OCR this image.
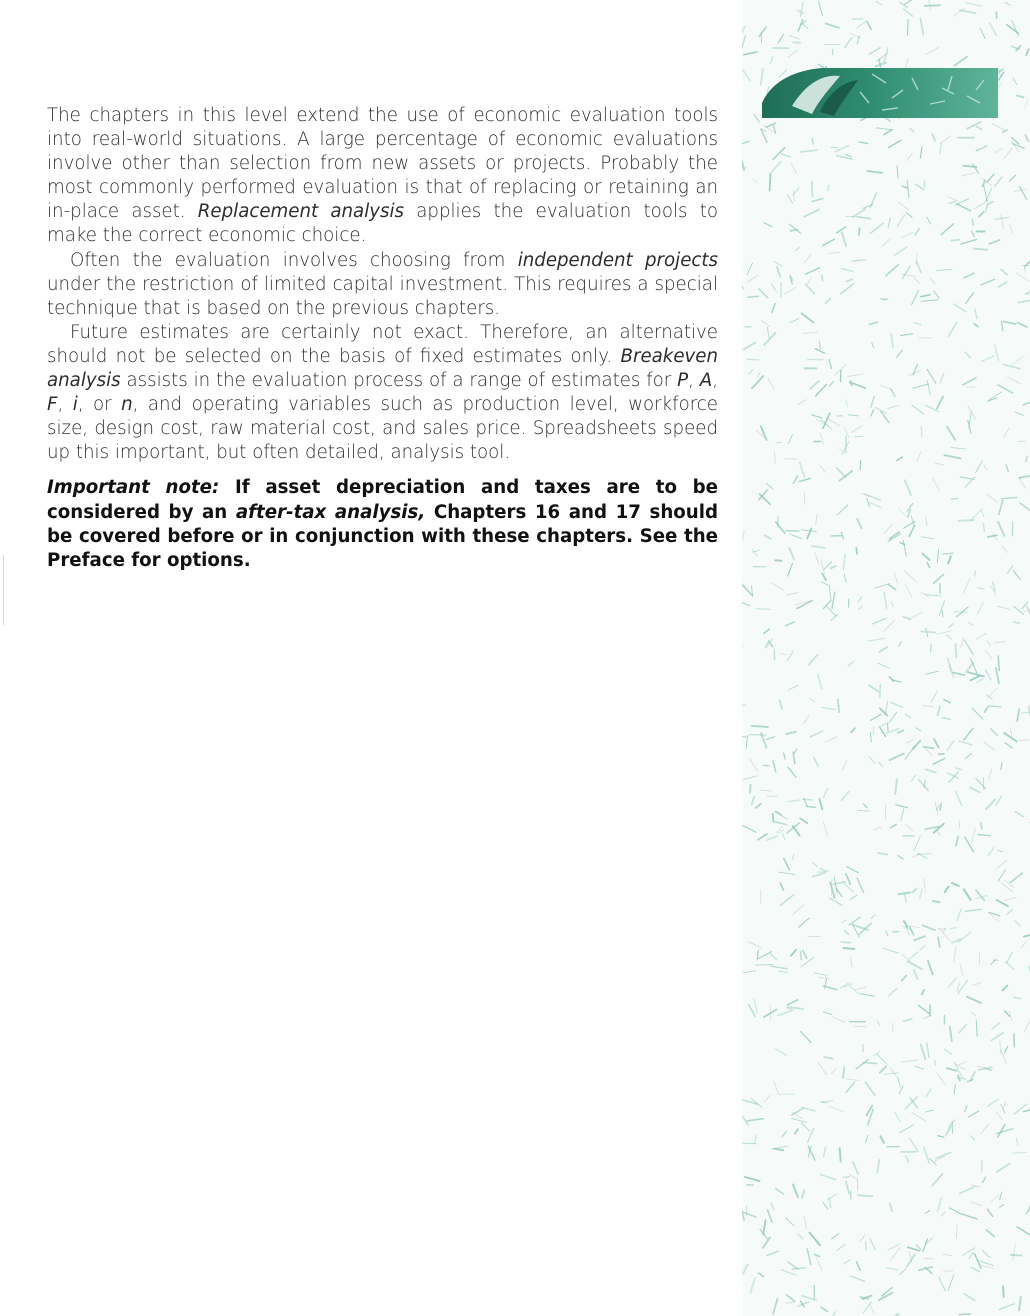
The chapters in this level extend the use of economic evaluation tools into real-world situations. A large percentage of economic evaluations involve other than selection from new assets or projects. Probably the most commonly performed evaluation is that of replacing or retaining an in-place asset. Replacement analysis applies the evaluation tools to make the correct economic choice.

Often the evaluation involves choosing from independent projects under the restriction of limited capital investment. This requires a special technique that is based on the previous chapters.

Future estimates are certainly not exact. Therefore, an alternative should not be selected on the basis of fixed estimates only. Breakeven analysis assists in the evaluation process of a range of estimates for P, A, F, i, or n, and operating variables such as production level, workforce size, design cost, raw material cost, and sales price. Spreadsheets speed up this important, but often detailed, analysis tool.

Important note: If asset depreciation and taxes are to be considered by an after-tax analysis, Chapters 16 and 17 should be covered before or in conjunction with these chapters. See the Preface for options.
